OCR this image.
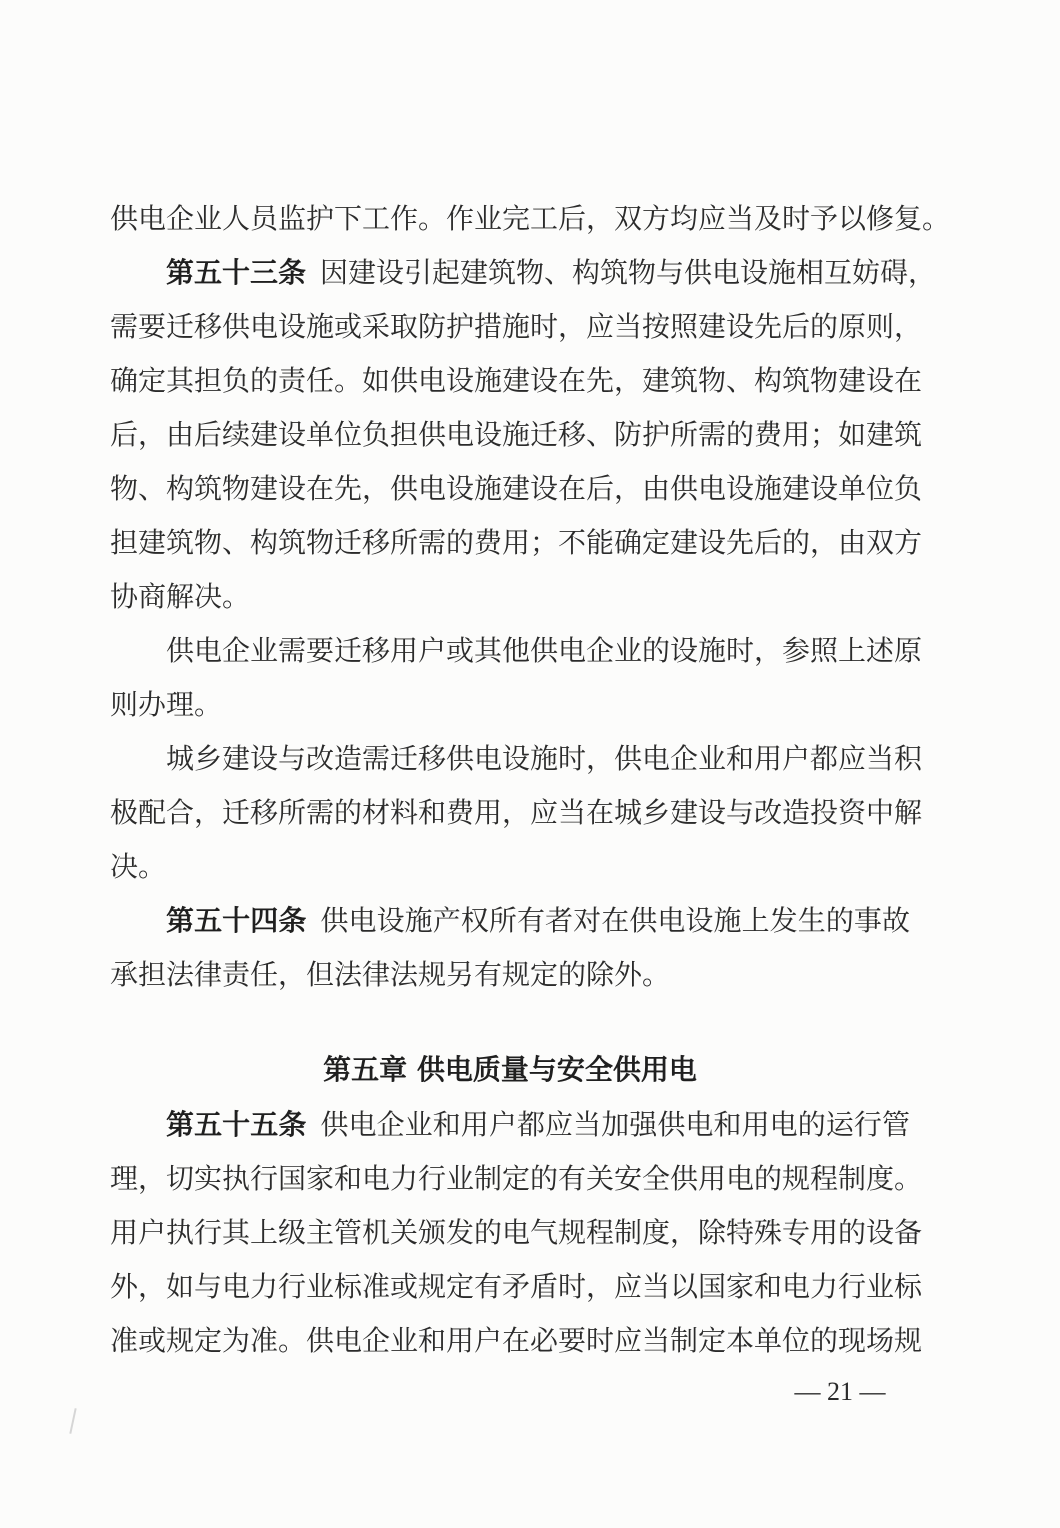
供电企业人员监护下工作。作业完工后，双方均应当及时予以修复。
第五十三条 因建设引起建筑物、构筑物与供电设施相互妨碍，
需要迁移供电设施或采取防护措施时，应当按照建设先后的原则，
确定其担负的责任。如供电设施建设在先，建筑物、构筑物建设在
后，由后续建设单位负担供电设施迁移、防护所需的费用；如建筑
物、构筑物建设在先，供电设施建设在后，由供电设施建设单位负
担建筑物、构筑物迁移所需的费用；不能确定建设先后的，由双方
协商解决。
供电企业需要迁移用户或其他供电企业的设施时，参照上述原
则办理。
城乡建设与改造需迁移供电设施时，供电企业和用户都应当积
极配合，迁移所需的材料和费用，应当在城乡建设与改造投资中解
决。
第五十四条 供电设施产权所有者对在供电设施上发生的事故
承担法律责任，但法律法规另有规定的除外。
第五章 供电质量与安全供用电
第五十五条 供电企业和用户都应当加强供电和用电的运行管
理，切实执行国家和电力行业制定的有关安全供用电的规程制度。
用户执行其上级主管机关颁发的电气规程制度，除特殊专用的设备
外，如与电力行业标准或规定有矛盾时，应当以国家和电力行业标
准或规定为准。供电企业和用户在必要时应当制定本单位的现场规
— 21 —
